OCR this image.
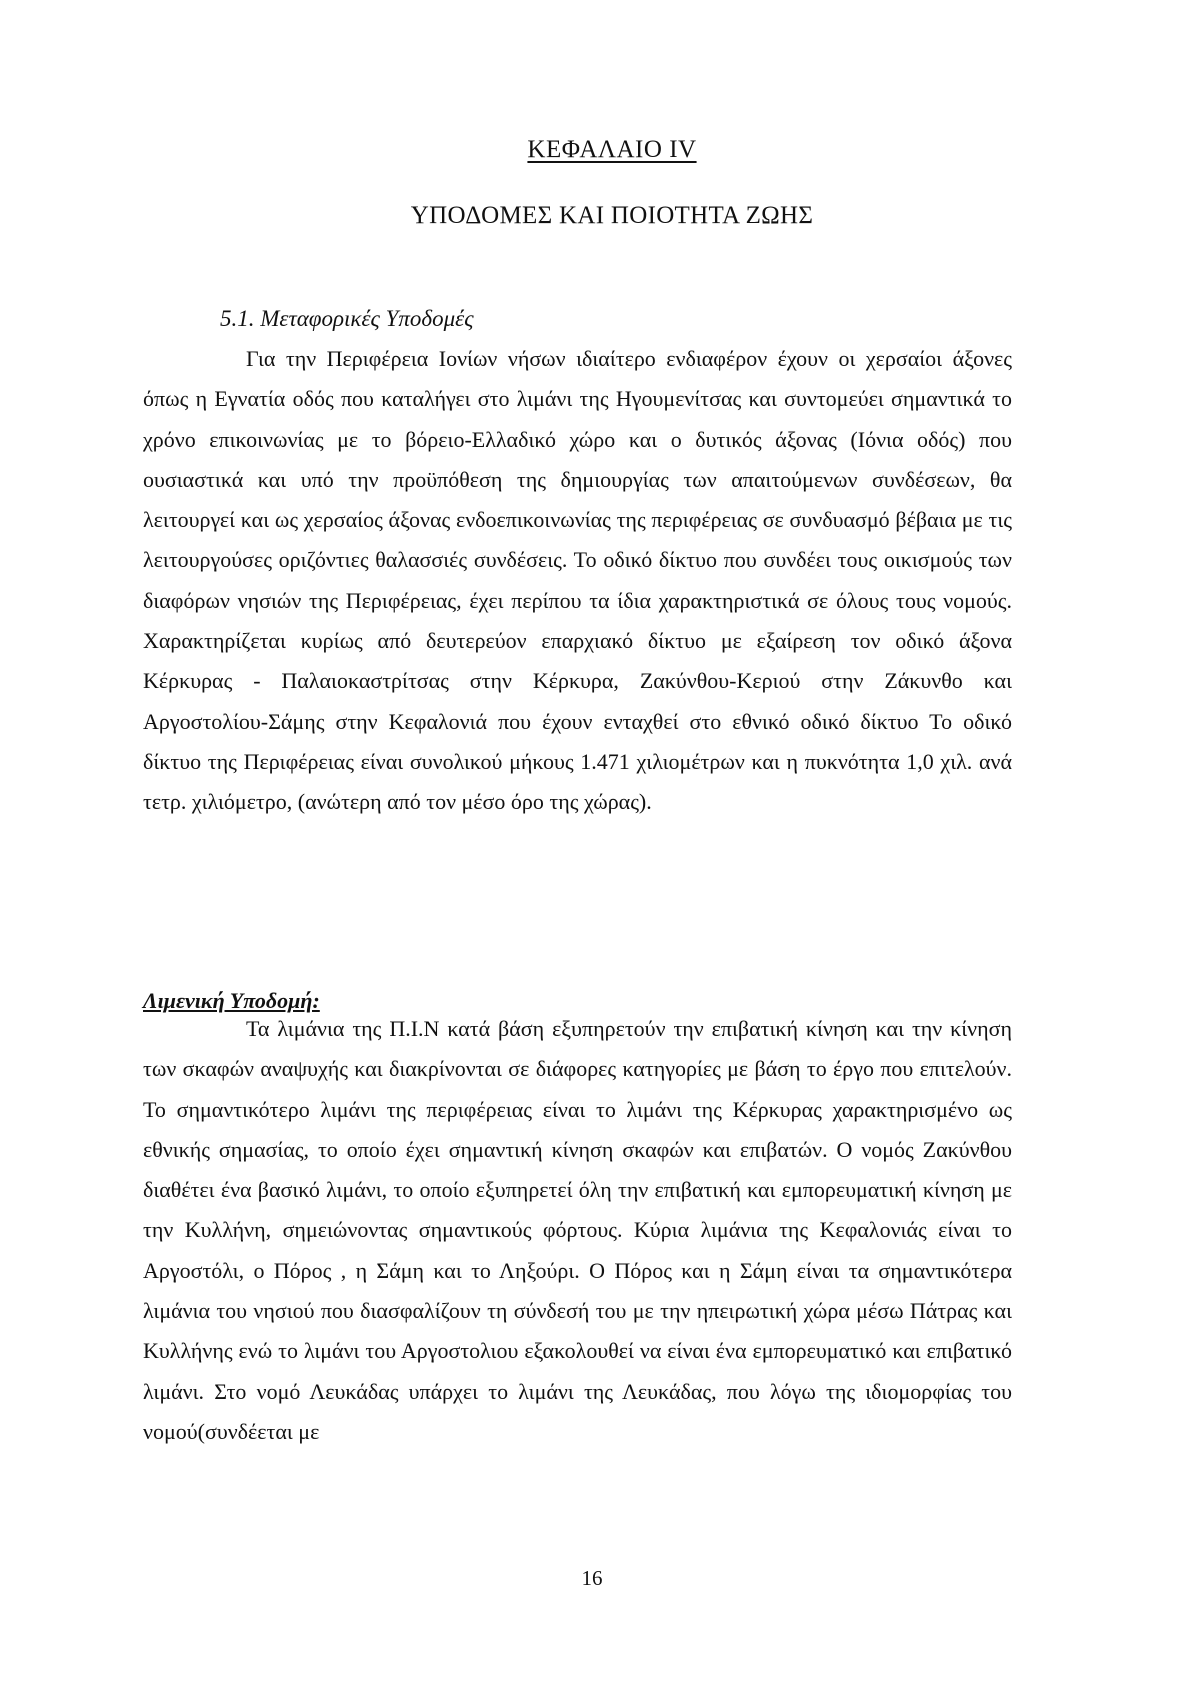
ΚΕΦΑΛΑΙΟ IV
ΥΠΟΔΟΜΕΣ ΚΑΙ ΠΟΙΟΤΗΤΑ ΖΩΗΣ
5.1. Μεταφορικές Υποδομές

Για την Περιφέρεια Ιονίων νήσων ιδιαίτερο ενδιαφέρον έχουν οι χερσαίοι άξονες όπως η Εγνατία οδός που καταλήγει στο λιμάνι της Ηγουμενίτσας και συντομεύει σημαντικά το χρόνο επικοινωνίας με το βόρειο-Ελλαδικό χώρο και ο δυτικός άξονας (Ιόνια οδός) που ουσιαστικά και υπό την προϋπόθεση της δημιουργίας των απαιτούμενων συνδέσεων, θα λειτουργεί και ως χερσαίος άξονας ενδοεπικοινωνίας της περιφέρειας σε συνδυασμό βέβαια με τις λειτουργούσες οριζόντιες θαλασσιές συνδέσεις. Το οδικό δίκτυο που συνδέει τους οικισμούς των διαφόρων νησιών της Περιφέρειας, έχει περίπου τα ίδια χαρακτηριστικά σε όλους τους νομούς. Χαρακτηρίζεται κυρίως από δευτερεύον επαρχιακό δίκτυο με εξαίρεση τον οδικό άξονα Κέρκυρας - Παλαιοκαστρίτσας στην Κέρκυρα, Ζακύνθου-Κεριού στην Ζάκυνθο και Αργοστολίου-Σάμης στην Κεφαλονιά που έχουν ενταχθεί στο εθνικό οδικό δίκτυο Το οδικό δίκτυο της Περιφέρειας είναι συνολικού μήκους 1.471 χιλιομέτρων και η πυκνότητα 1,0 χιλ. ανά τετρ. χιλιόμετρο, (ανώτερη από τον μέσο όρο της χώρας).

Λιμενική Υποδομή:

Τα λιμάνια της Π.Ι.Ν κατά βάση εξυπηρετούν την επιβατική κίνηση και την κίνηση των σκαφών αναψυχής και διακρίνονται σε διάφορες κατηγορίες με βάση το έργο που επιτελούν. Το σημαντικότερο λιμάνι της περιφέρειας είναι το λιμάνι της Κέρκυρας χαρακτηρισμένο ως εθνικής σημασίας, το οποίο έχει σημαντική κίνηση σκαφών και επιβατών. Ο νομός Ζακύνθου διαθέτει ένα βασικό λιμάνι, το οποίο εξυπηρετεί όλη την επιβατική και εμπορευματική κίνηση με την Κυλλήνη, σημειώνοντας σημαντικούς φόρτους. Κύρια λιμάνια της Κεφαλονιάς είναι το Αργοστόλι, ο Πόρος , η Σάμη και το Ληξούρι. Ο Πόρος και η Σάμη είναι τα σημαντικότερα λιμάνια του νησιού που διασφαλίζουν τη σύνδεσή του με την ηπειρωτική χώρα μέσω Πάτρας και Κυλλήνης ενώ το λιμάνι του Αργοστολιου εξακολουθεί να είναι ένα εμπορευματικό και επιβατικό λιμάνι. Στο νομό Λευκάδας υπάρχει το λιμάνι της Λευκάδας, που λόγω της ιδιομορφίας του νομού(συνδέεται με

16
